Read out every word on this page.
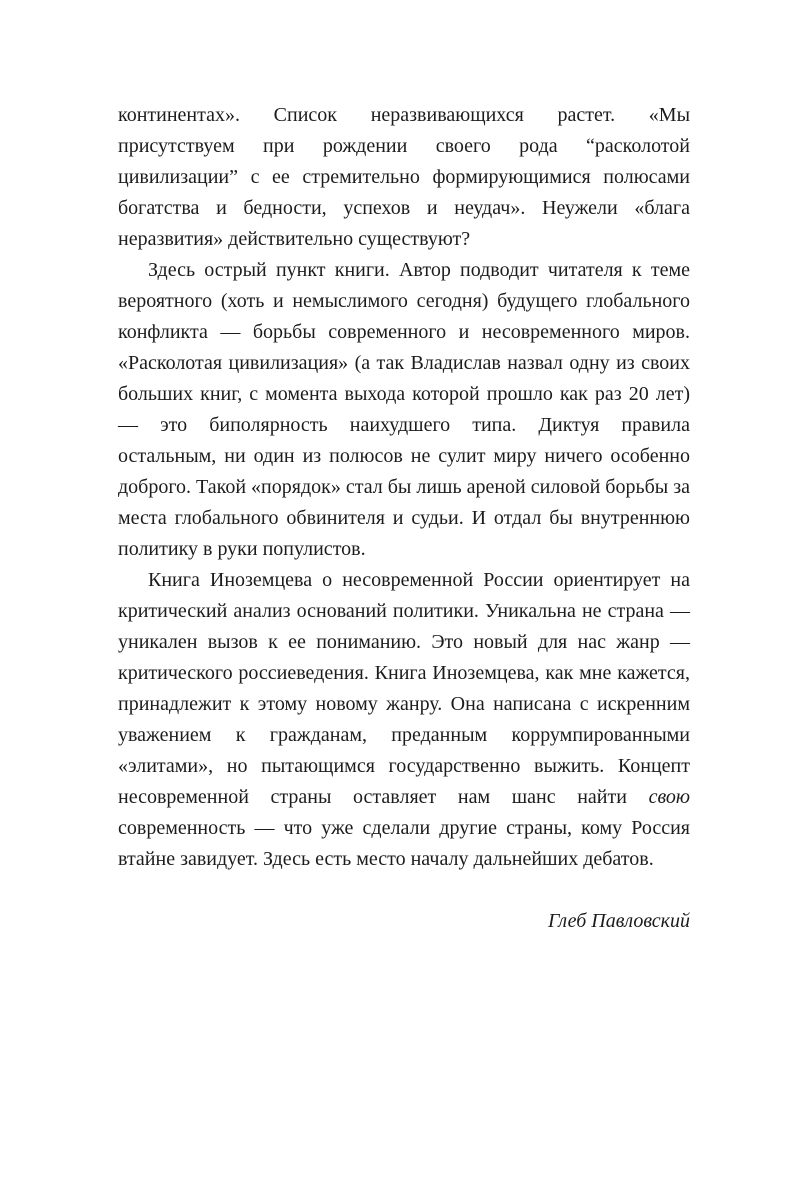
континентах». Список неразвивающихся растет. «Мы присутствуем при рождении своего рода “расколотой цивилизации” с ее стремительно формирующимися полюсами богатства и бедности, успехов и неудач». Неужели «блага неразвития» действительно существуют?

Здесь острый пункт книги. Автор подводит читателя к теме вероятного (хоть и немыслимого сегодня) будущего глобального конфликта — борьбы современного и несовременного миров. «Расколотая цивилизация» (а так Владислав назвал одну из своих больших книг, с момента выхода которой прошло как раз 20 лет) — это биполярность наихудшего типа. Диктуя правила остальным, ни один из полюсов не сулит миру ничего особенно доброго. Такой «порядок» стал бы лишь ареной силовой борьбы за места глобального обвинителя и судьи. И отдал бы внутреннюю политику в руки популистов.

Книга Иноземцева о несовременной России ориентирует на критический анализ оснований политики. Уникальна не страна — уникален вызов к ее пониманию. Это новый для нас жанр — критического россиеведения. Книга Иноземцева, как мне кажется, принадлежит к этому новому жанру. Она написана с искренним уважением к гражданам, преданным коррумпированными «элитами», но пытающимся государственно выжить. Концепт несовременной страны оставляет нам шанс найти свою современность — что уже сделали другие страны, кому Россия втайне завидует. Здесь есть место началу дальнейших дебатов.

Глеб Павловский
